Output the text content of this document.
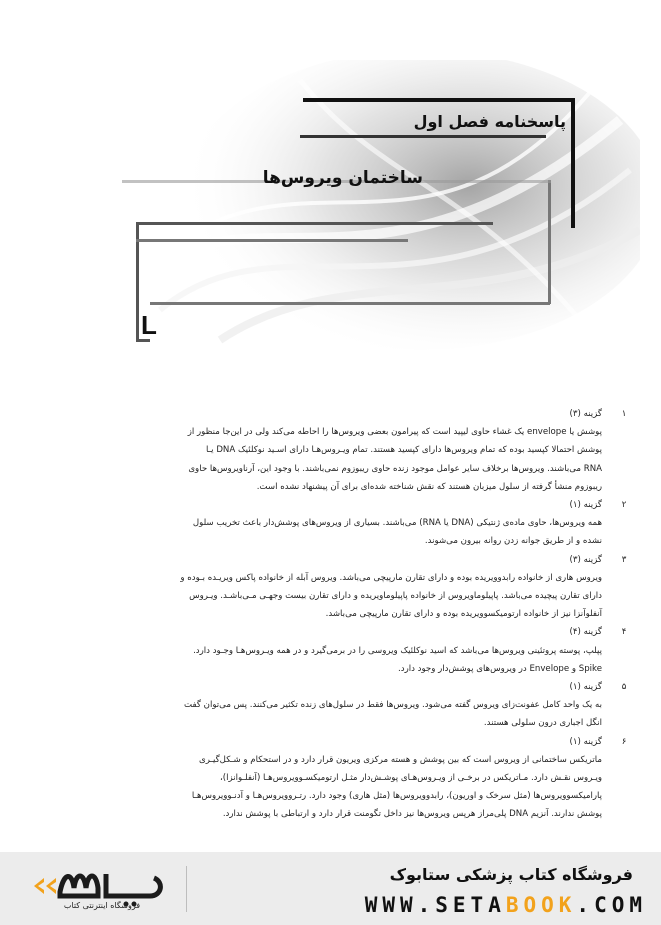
پاسخنامه فصل اول
ساختمان ویروس‌ها
L
۱
گزینه (۳)
پوشش یا envelope یک غشاء حاوی لیپید است که پیرامون بعضی ویروس‌ها را احاطه می‌کند ولی در این‌جا منظور از
پوشش احتمالا کپسید بوده که تمام ویروس‌ها دارای کپسید هستند. تمام ویـروس‌هـا دارای اسـید نوکلئیک DNA یـا
RNA می‌باشند. ویروس‌ها برخلاف سایر عوامل موجود زنده حاوی ریبوزوم نمی‌باشند. با وجود این، آرناویروس‌ها حاوی
ریبوزوم منشأ گرفته از سلول میزبان هستند که نقش شناخته شده‌ای برای آن پیشنهاد نشده است.
۲
گزینه (۱)
همه ویروس‌ها، حاوی ماده‌ی ژنتیکی (DNA یا RNA) می‌باشند. بسیاری از ویروس‌های پوشش‌دار باعث تخریب سلول
نشده و از طریق جوانه زدن روانه بیرون می‌شوند.
۳
گزینه (۳)
ویروس هاری از خانواده رابدوویریده بوده و دارای تقارن مارپیچی می‌باشد. ویروس آبله از خانواده پاکس ویریـده بـوده و
دارای تقارن پیچیده می‌باشد. پاپیلوماویروس از خانواده پاپیلوماویریده و دارای تقارن بیست وجهـی مـی‌باشـد. ویـروس
آنفلوآنزا نیز از خانواده ارتومیکسوویریده بوده و دارای تقارن مارپیچی می‌باشد.
۴
گزینه (۴)
پپلپ، پوسته پروتئینی ویروس‌ها می‌باشد که اسید نوکلئیک ویروسی را در برمی‌گیرد و در همه ویـروس‌هـا وجـود دارد.
Spike و Envelope در ویروس‌های پوشش‌دار وجود دارد.
۵
گزینه (۱)
به یک واحد کامل عفونت‌زای ویروس گفته می‌شود. ویروس‌ها فقط در سلول‌های زنده تکثیر می‌کنند. پس می‌توان گفت
انگل اجباری درون سلولی هستند.
۶
گزینه (۱)
ماتریکس ساختمانی از ویروس است که بین پوشش و هسته مرکزی ویریون قرار دارد و در استحکام و شـکل‌گیـری
ویـروس نقـش دارد. مـاتریکس در برخـی از ویـروس‌هـای پوشـش‌دار مثـل ارتومیکسـوویروس‌هـا (آنفلـوانزا)،
پارامیکسوویروس‌ها (مثل سرخک و اوریون)، رابدوویروس‌ها (مثل هاری) وجود دارد. رتـروویروس‌هـا و آدنـوویروس‌هـا
پوشش ندارند. آنزیم DNA پلی‌مراز هرپس ویروس‌ها نیز داخل تگومنت قرار دارد و ارتباطی با پوشش ندارد.
فروشگاه اینترنتی کتاب
فروشگاه کتاب پزشکی ستابوک
WWW.SETABOOK.COM
